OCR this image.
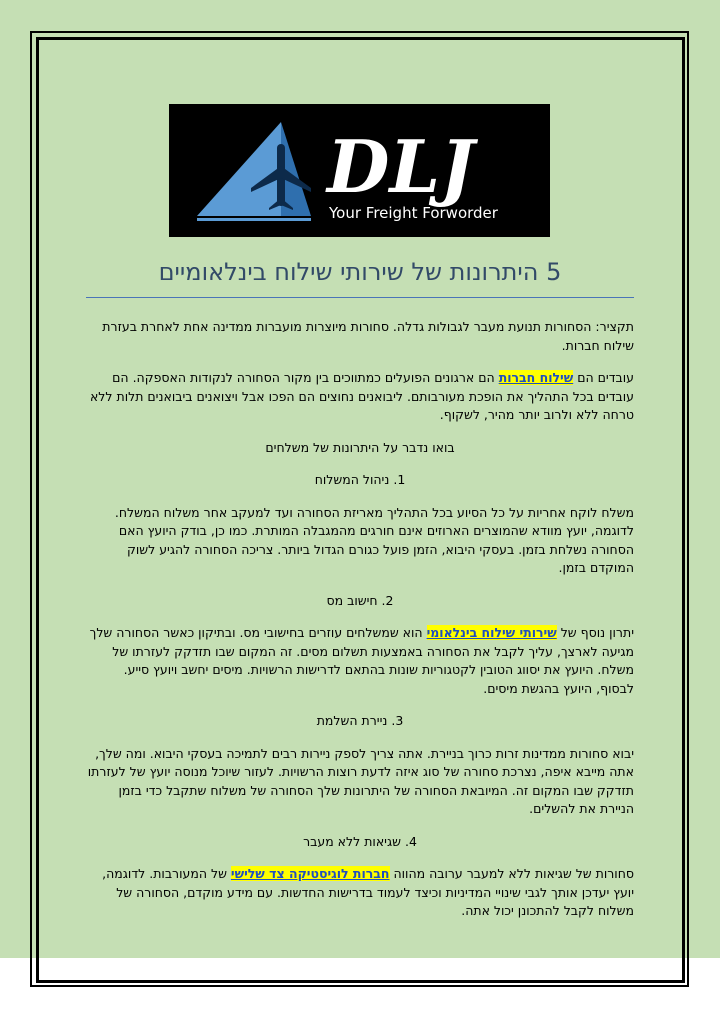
DLJ
Your Freight Forworder
5 היתרונות של שירותי שילוח בינלאומיים

תקציר: הסחורות תנועת מעבר לגבולות גדלה. סחורות מיוצרות מועברות ממדינה אחת לאחרת בעזרת שילוח חברות.

עובדים הם שילוח חברות הם ארגונים הפועלים כמתווכים בין מקור הסחורה לנקודות האספקה. הם עובדים בכל התהליך את הופכת מעורבותם. ליבואנים נחוצים הם הפכו אבל ויצואנים ביבואנים תלות ללא טרחה ללא ולרוב יותר מהיר, לשקוף.

בואו נדבר על היתרונות של משלחים

1. ניהול המשלוח

משלח לוקח אחריות על כל הסיוע בכל התהליך מאריזת הסחורה ועד למעקב אחר משלוח המשלח. לדוגמה, יועץ מוודא שהמוצרים הארוזים אינם חורגים מהמגבלה המותרת. כמו כן, בודק היועץ האם הסחורה נשלחת בזמן. בעסקי היבוא, הזמן פועל כגורם הגדול ביותר. צריכה הסחורה להגיע לשוק המוקדם בזמן.

2. חישוב מס

יתרון נוסף של שירותי שילוח בינלאומי הוא שמשלחים עוזרים בחישובי מס. ובתיקון כאשר הסחורה שלך מגיעה לארצך, עליך לקבל את הסחורה באמצעות תשלום מסים. זה המקום שבו תזדקק לעזרתו של משלח. היועץ את יסווג הטובין לקטגוריות שונות בהתאם לדרישות הרשויות. מיסים יחשב ויועץ סייע. לבסוף, היועץ בהגשת מיסים.

3. ניירת השלמת

יבוא סחורות ממדינות זרות כרוך בניירת. אתה צריך לספק ניירות רבים לתמיכה בעסקי היבוא. ומה שלך, אתה מייבא איפה, נצרכת סחורה של סוג איזה לדעת רוצות הרשויות. לעזור שיוכל מנוסה יועץ של לעזרתו תזדקק שבו המקום זה. המיובאת הסחורה של היתרונות שלך הסחורה של משלוח שתקבל כדי בזמן הניירת את להשלים.

4. שגיאות ללא מעבר

סחורות של שגיאות ללא למעבר ערובה מהווה חברות לוגיסטיקה צד שלישי של המעורבות. לדוגמה, יועץ יעדכן אותך לגבי שינויי המדיניות וכיצד לעמוד בדרישות החדשות. עם מידע מוקדם, הסחורה של משלוח לקבל להתכונן יכול אתה.
